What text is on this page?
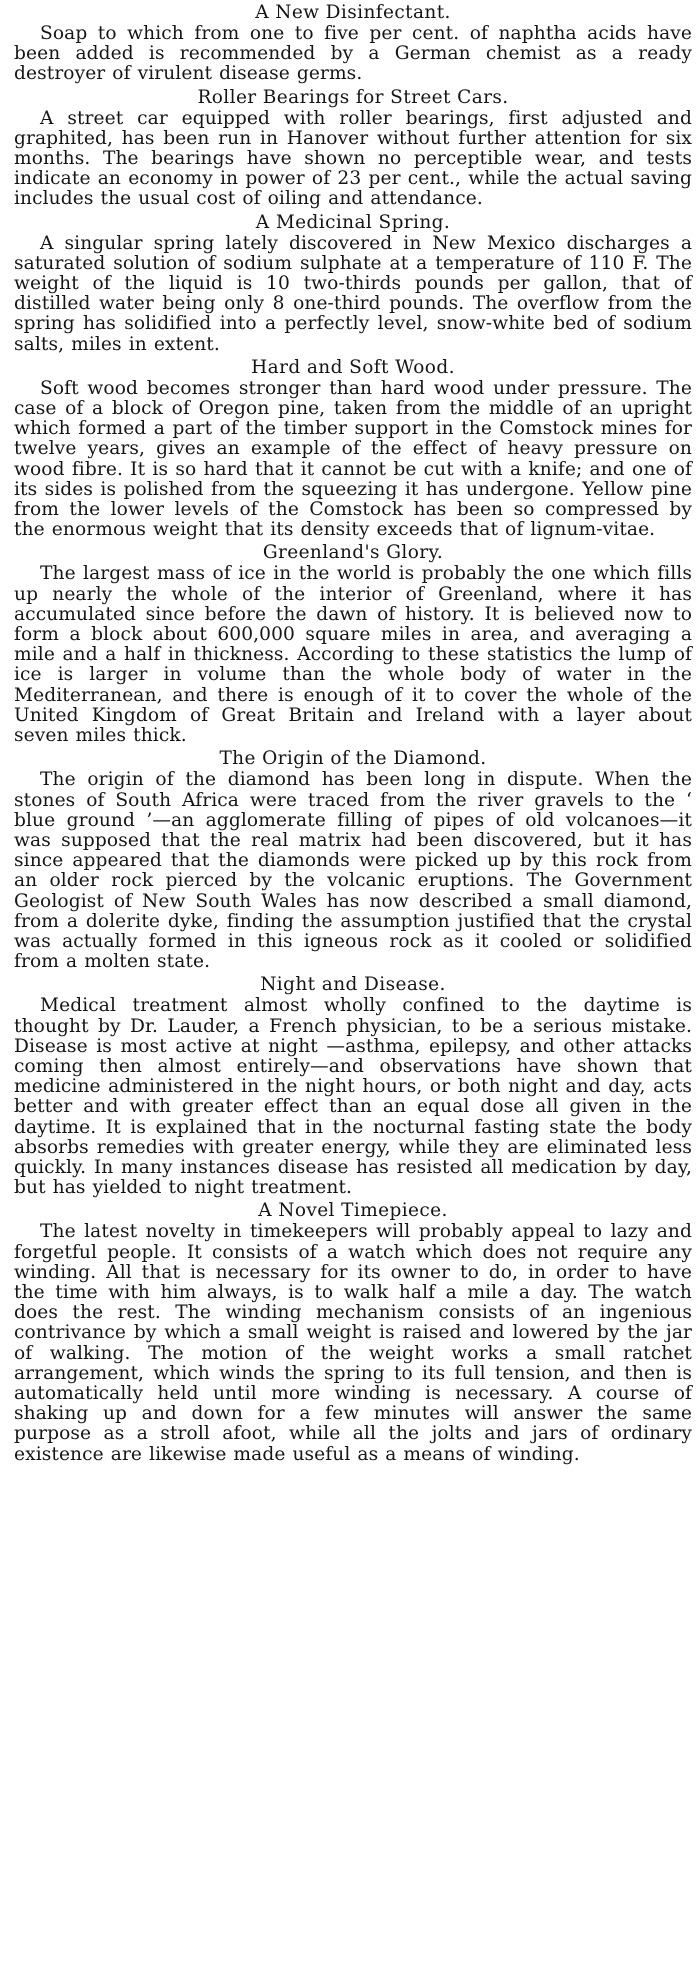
A New Disinfectant.

Soap to which from one to five per cent. of naphtha acids have been added is recommended by a German chemist as a ready destroyer of virulent disease germs.

Roller Bearings for Street Cars.

A street car equipped with roller bearings, first adjusted and graphited, has been run in Hanover without further attention for six months. The bearings have shown no perceptible wear, and tests indicate an economy in power of 23 per cent., while the actual saving includes the usual cost of oiling and attendance.

A Medicinal Spring.

A singular spring lately discovered in New Mexico discharges a saturated solution of sodium sulphate at a temperature of 110 F. The weight of the liquid is 10 two-thirds pounds per gallon, that of distilled water being only 8 one-third pounds. The overflow from the spring has solidified into a perfectly level, snow-white bed of sodium salts, miles in extent.

Hard and Soft Wood.

Soft wood becomes stronger than hard wood under pressure. The case of a block of Oregon pine, taken from the middle of an upright which formed a part of the timber support in the Comstock mines for twelve years, gives an example of the effect of heavy pressure on wood fibre. It is so hard that it cannot be cut with a knife; and one of its sides is polished from the squeezing it has undergone. Yellow pine from the lower levels of the Comstock has been so compressed by the enormous weight that its density exceeds that of lignum-vitae.

Greenland's Glory.

The largest mass of ice in the world is probably the one which fills up nearly the whole of the interior of Greenland, where it has accumulated since before the dawn of history. It is believed now to form a block about 600,000 square miles in area, and averaging a mile and a half in thickness. According to these statistics the lump of ice is larger in volume than the whole body of water in the Mediterranean, and there is enough of it to cover the whole of the United Kingdom of Great Britain and Ireland with a layer about seven miles thick.

The Origin of the Diamond.

The origin of the diamond has been long in dispute. When the stones of South Africa were traced from the river gravels to the ‘ blue ground ’—an agglomerate filling of pipes of old volcanoes—it was supposed that the real matrix had been discovered, but it has since appeared that the diamonds were picked up by this rock from an older rock pierced by the volcanic eruptions. The Government Geologist of New South Wales has now described a small diamond, from a dolerite dyke, finding the assumption justified that the crystal was actually formed in this igneous rock as it cooled or solidified from a molten state.

Night and Disease.

Medical treatment almost wholly confined to the daytime is thought by Dr. Lauder, a French physician, to be a serious mistake. Disease is most active at night —asthma, epilepsy, and other attacks coming then almost entirely—and observations have shown that medicine administered in the night hours, or both night and day, acts better and with greater effect than an equal dose all given in the daytime. It is explained that in the nocturnal fasting state the body absorbs remedies with greater energy, while they are eliminated less quickly. In many instances disease has resisted all medication by day, but has yielded to night treatment.

A Novel Timepiece.

The latest novelty in timekeepers will probably appeal to lazy and forgetful people. It consists of a watch which does not require any winding. All that is necessary for its owner to do, in order to have the time with him always, is to walk half a mile a day. The watch does the rest. The winding mechanism consists of an ingenious contrivance by which a small weight is raised and lowered by the jar of walking. The motion of the weight works a small ratchet arrangement, which winds the spring to its full tension, and then is automatically held until more winding is necessary. A course of shaking up and down for a few minutes will answer the same purpose as a stroll afoot, while all the jolts and jars of ordinary existence are likewise made useful as a means of winding.
